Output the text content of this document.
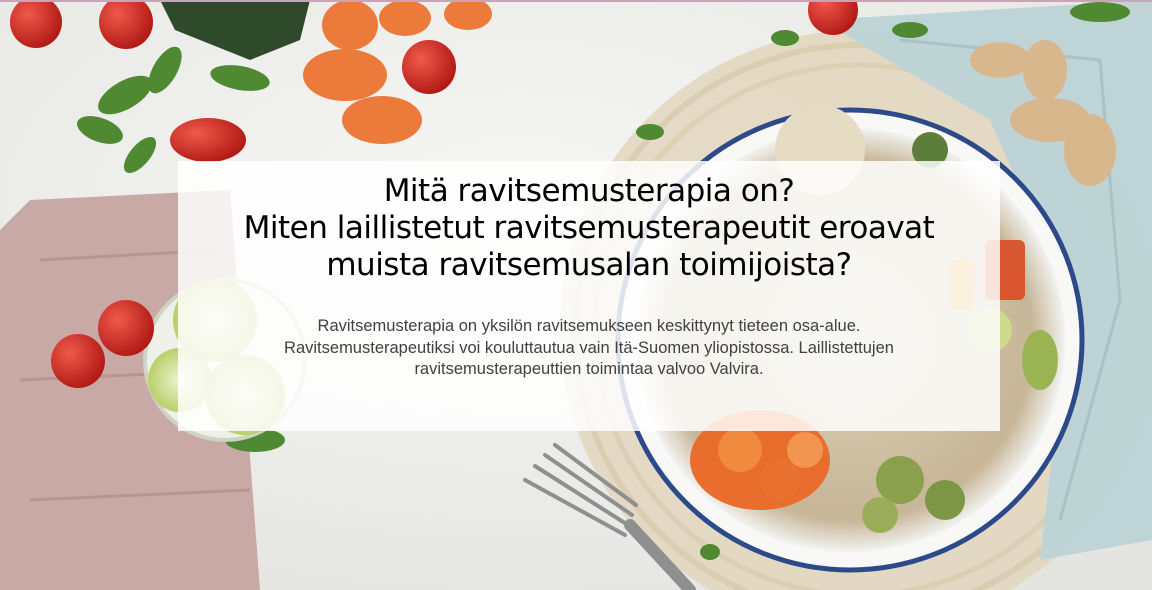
Mitä ravitsemusterapia on?
Miten laillistetut ravitsemusterapeutit eroavat
muista ravitsemusalan toimijoista?

Ravitsemusterapia on yksilön ravitsemukseen keskittynyt tieteen osa-alue.
Ravitsemusterapeutiksi voi kouluttautua vain Itä-Suomen yliopistossa. Laillistettujen
ravitsemusterapeuttien toimintaa valvoo Valvira.
